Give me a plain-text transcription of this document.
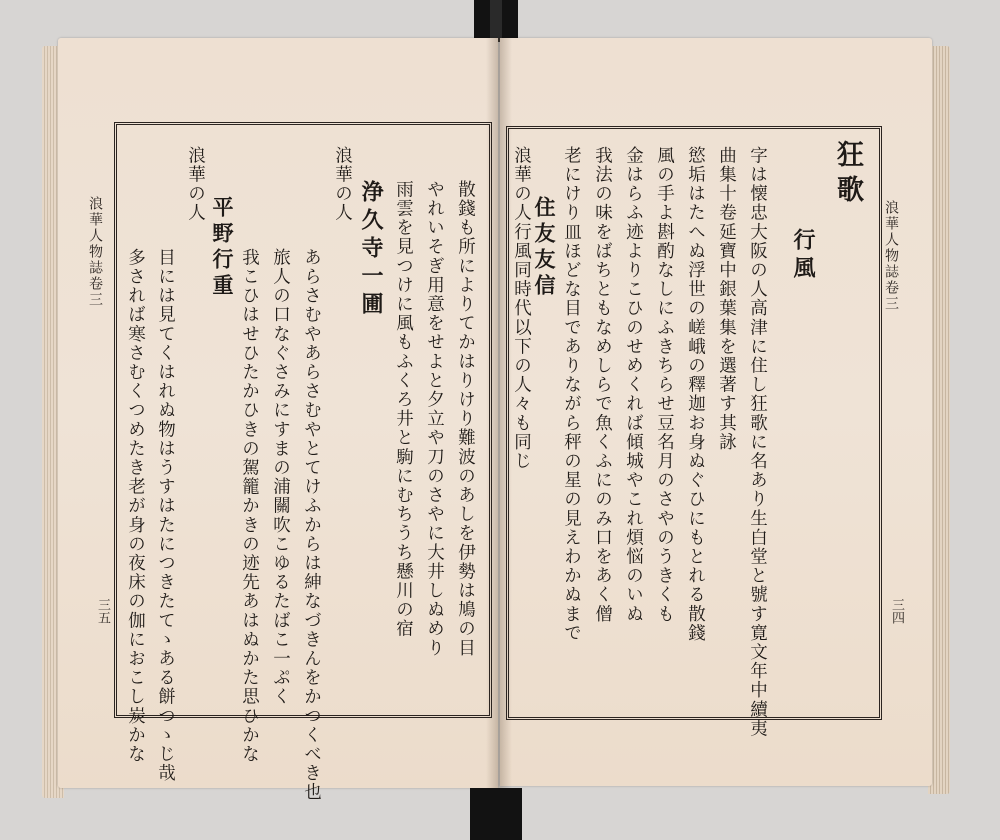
浪華人物誌卷三
三五	散錢も所によりてかはりけり難波のあしを伊勢は鳩の目
やれいそぎ用意をせよと夕立や刀のさやに大井しぬめり
雨雲を見つけに風もふくろ井と駒にむちうち懸川の宿
浄久寺一圃
浪華の人
あらさむやあらさむやとてけふからは紳なづきんをかつくべき也
旅人の口なぐさみにすまの浦關吹こゆるたばこ一ぷく
我こひはせひたかひきの駕籠かきの迹先あはぬかた思ひかな
平野行重
浪華の人
目には見てくはれぬ物はうすはたにつきたてゝある餅つゝじ哉
多されば寒さむくつめたき老が身の夜床の伽におこし炭かな	浪華人物誌卷三
三四
狂歌
行風
字は懐忠大阪の人高津に住し狂歌に名あり生白堂と號す寛文年中續夷
曲集十卷延寶中銀葉集を選著す其詠
慾垢はたへぬ浮世の嵯峨の釋迦お身ぬぐひにもとれる散錢
風の手よ斟酌なしにふきちらせ豆名月のさやのうきくも
金はらふ迹よりこひのせめくれば傾城やこれ煩悩のいぬ
我法の味をばちともなめしらで魚くふにのみ口をあく僧
老にけり皿ほどな目でありながら秤の星の見えわかぬまで
住友友信
浪華の人行風同時代以下の人々も同じ
